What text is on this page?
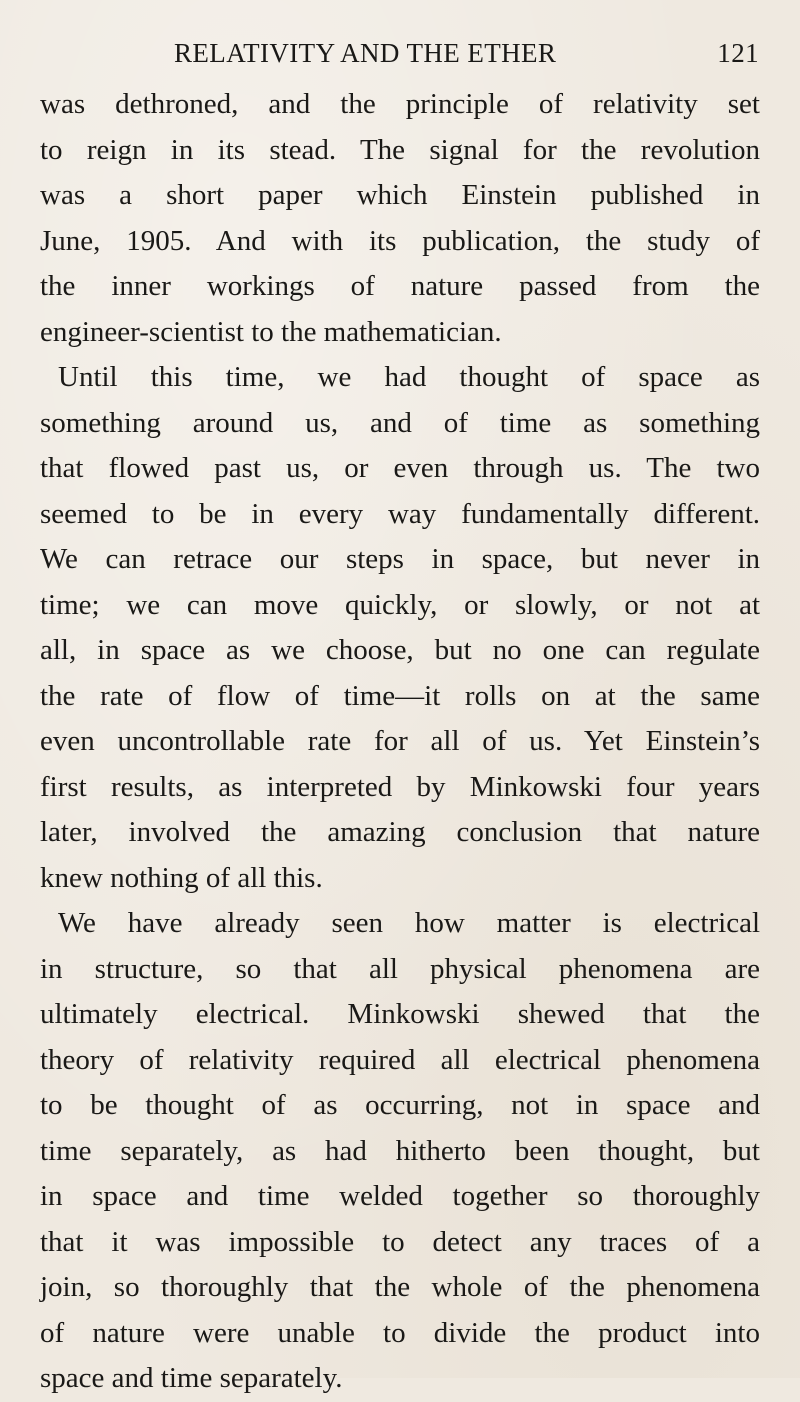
RELATIVITY AND THE ETHER	121
was dethroned, and the principle of relativity set
to reign in its stead. The signal for the revolution
was a short paper which Einstein published in
June, 1905. And with its publication, the study of
the inner workings of nature passed from the
engineer-scientist to the mathematician.
Until this time, we had thought of space as
something around us, and of time as something
that flowed past us, or even through us. The two
seemed to be in every way fundamentally different.
We can retrace our steps in space, but never in
time; we can move quickly, or slowly, or not at
all, in space as we choose, but no one can regulate
the rate of flow of time—it rolls on at the same
even uncontrollable rate for all of us. Yet Einstein’s
first results, as interpreted by Minkowski four years
later, involved the amazing conclusion that nature
knew nothing of all this.
We have already seen how matter is electrical
in structure, so that all physical phenomena are
ultimately electrical. Minkowski shewed that the
theory of relativity required all electrical phenomena
to be thought of as occurring, not in space and
time separately, as had hitherto been thought, but
in space and time welded together so thoroughly
that it was impossible to detect any traces of a
join, so thoroughly that the whole of the phenomena
of nature were unable to divide the product into
space and time separately.
